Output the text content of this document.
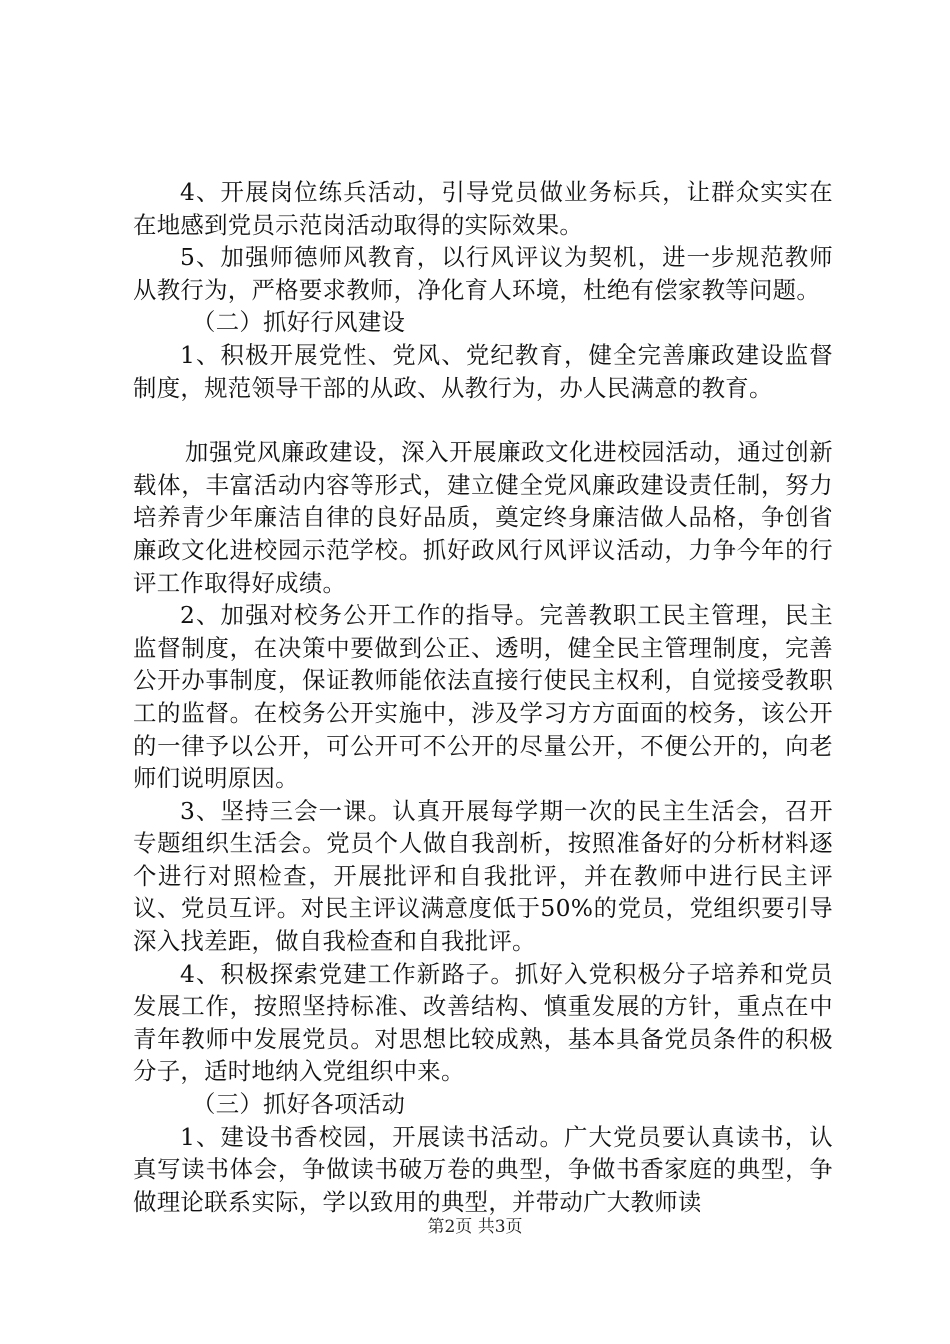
4、开展岗位练兵活动，引导党员做业务标兵，让群众实实在在地感到党员示范岗活动取得的实际效果。

5、加强师德师风教育，以行风评议为契机，进一步规范教师从教行为，严格要求教师，净化育人环境，杜绝有偿家教等问题。

（二）抓好行风建设

1、积极开展党性、党风、党纪教育，健全完善廉政建设监督制度，规范领导干部的从政、从教行为，办人民满意的教育。

加强党风廉政建设，深入开展廉政文化进校园活动，通过创新载体，丰富活动内容等形式，建立健全党风廉政建设责任制，努力培养青少年廉洁自律的良好品质，奠定终身廉洁做人品格，争创省廉政文化进校园示范学校。抓好政风行风评议活动，力争今年的行评工作取得好成绩。

2、加强对校务公开工作的指导。完善教职工民主管理，民主监督制度，在决策中要做到公正、透明，健全民主管理制度，完善公开办事制度，保证教师能依法直接行使民主权利，自觉接受教职工的监督。在校务公开实施中，涉及学习方方面面的校务，该公开的一律予以公开，可公开可不公开的尽量公开，不便公开的，向老师们说明原因。

3、坚持三会一课。认真开展每学期一次的民主生活会，召开专题组织生活会。党员个人做自我剖析，按照准备好的分析材料逐个进行对照检查，开展批评和自我批评，并在教师中进行民主评议、党员互评。对民主评议满意度低于50%的党员，党组织要引导深入找差距，做自我检查和自我批评。

4、积极探索党建工作新路子。抓好入党积极分子培养和党员发展工作，按照坚持标准、改善结构、慎重发展的方针，重点在中青年教师中发展党员。对思想比较成熟，基本具备党员条件的积极分子，适时地纳入党组织中来。

（三）抓好各项活动

1、建设书香校园，开展读书活动。广大党员要认真读书，认真写读书体会，争做读书破万卷的典型，争做书香家庭的典型，争做理论联系实际，学以致用的典型，并带动广大教师读

第2页 共3页
